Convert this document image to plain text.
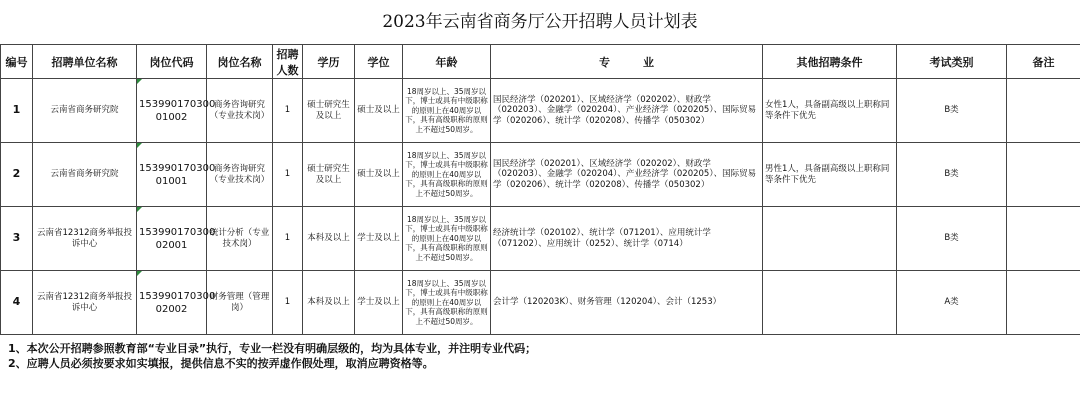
2023年云南省商务厅公开招聘人员计划表
编号	招聘单位名称	岗位代码	岗位名称	招聘人数	学历	学位	年龄	专　　　业	其他招聘条件	考试类别	备注
1	云南省商务研究院	153990170300 01002	商务咨询研究（专业技术岗）	1	硕士研究生及以上	硕士及以上	18周岁以上、35周岁以下，博士或具有中级职称的原则上在40周岁以下，具有高级职称的原则上不超过50周岁。	国民经济学（020201）、区域经济学（020202）、财政学（020203）、金融学（020204）、产业经济学（020205）、国际贸易学（020206）、统计学（020208）、传播学（050302）	女性1人，具备副高级以上职称同等条件下优先	B类	
2	云南省商务研究院	153990170300 01001	商务咨询研究（专业技术岗）	1	硕士研究生及以上	硕士及以上	18周岁以上、35周岁以下，博士或具有中级职称的原则上在40周岁以下，具有高级职称的原则上不超过50周岁。	国民经济学（020201）、区域经济学（020202）、财政学（020203）、金融学（020204）、产业经济学（020205）、国际贸易学（020206）、统计学（020208）、传播学（050302）	男性1人，具备副高级以上职称同等条件下优先	B类	
3	云南省12312商务举报投诉中心	153990170300 02001	统计分析（专业技术岗）	1	本科及以上	学士及以上	18周岁以上、35周岁以下，博士或具有中级职称的原则上在40周岁以下，具有高级职称的原则上不超过50周岁。	经济统计学（020102）、统计学（071201）、应用统计学（071202）、应用统计（0252）、统计学（0714）		B类	
4	云南省12312商务举报投诉中心	153990170300 02002	财务管理（管理岗）	1	本科及以上	学士及以上	18周岁以上、35周岁以下，博士或具有中级职称的原则上在40周岁以下，具有高级职称的原则上不超过50周岁。	会计学（120203K）、财务管理（120204）、会计（1253）		A类	
1、本次公开招聘参照教育部“专业目录”执行，专业一栏没有明确层级的，均为具体专业，并注明专业代码；
2、应聘人员必须按要求如实填报，提供信息不实的按弄虚作假处理，取消应聘资格等。
